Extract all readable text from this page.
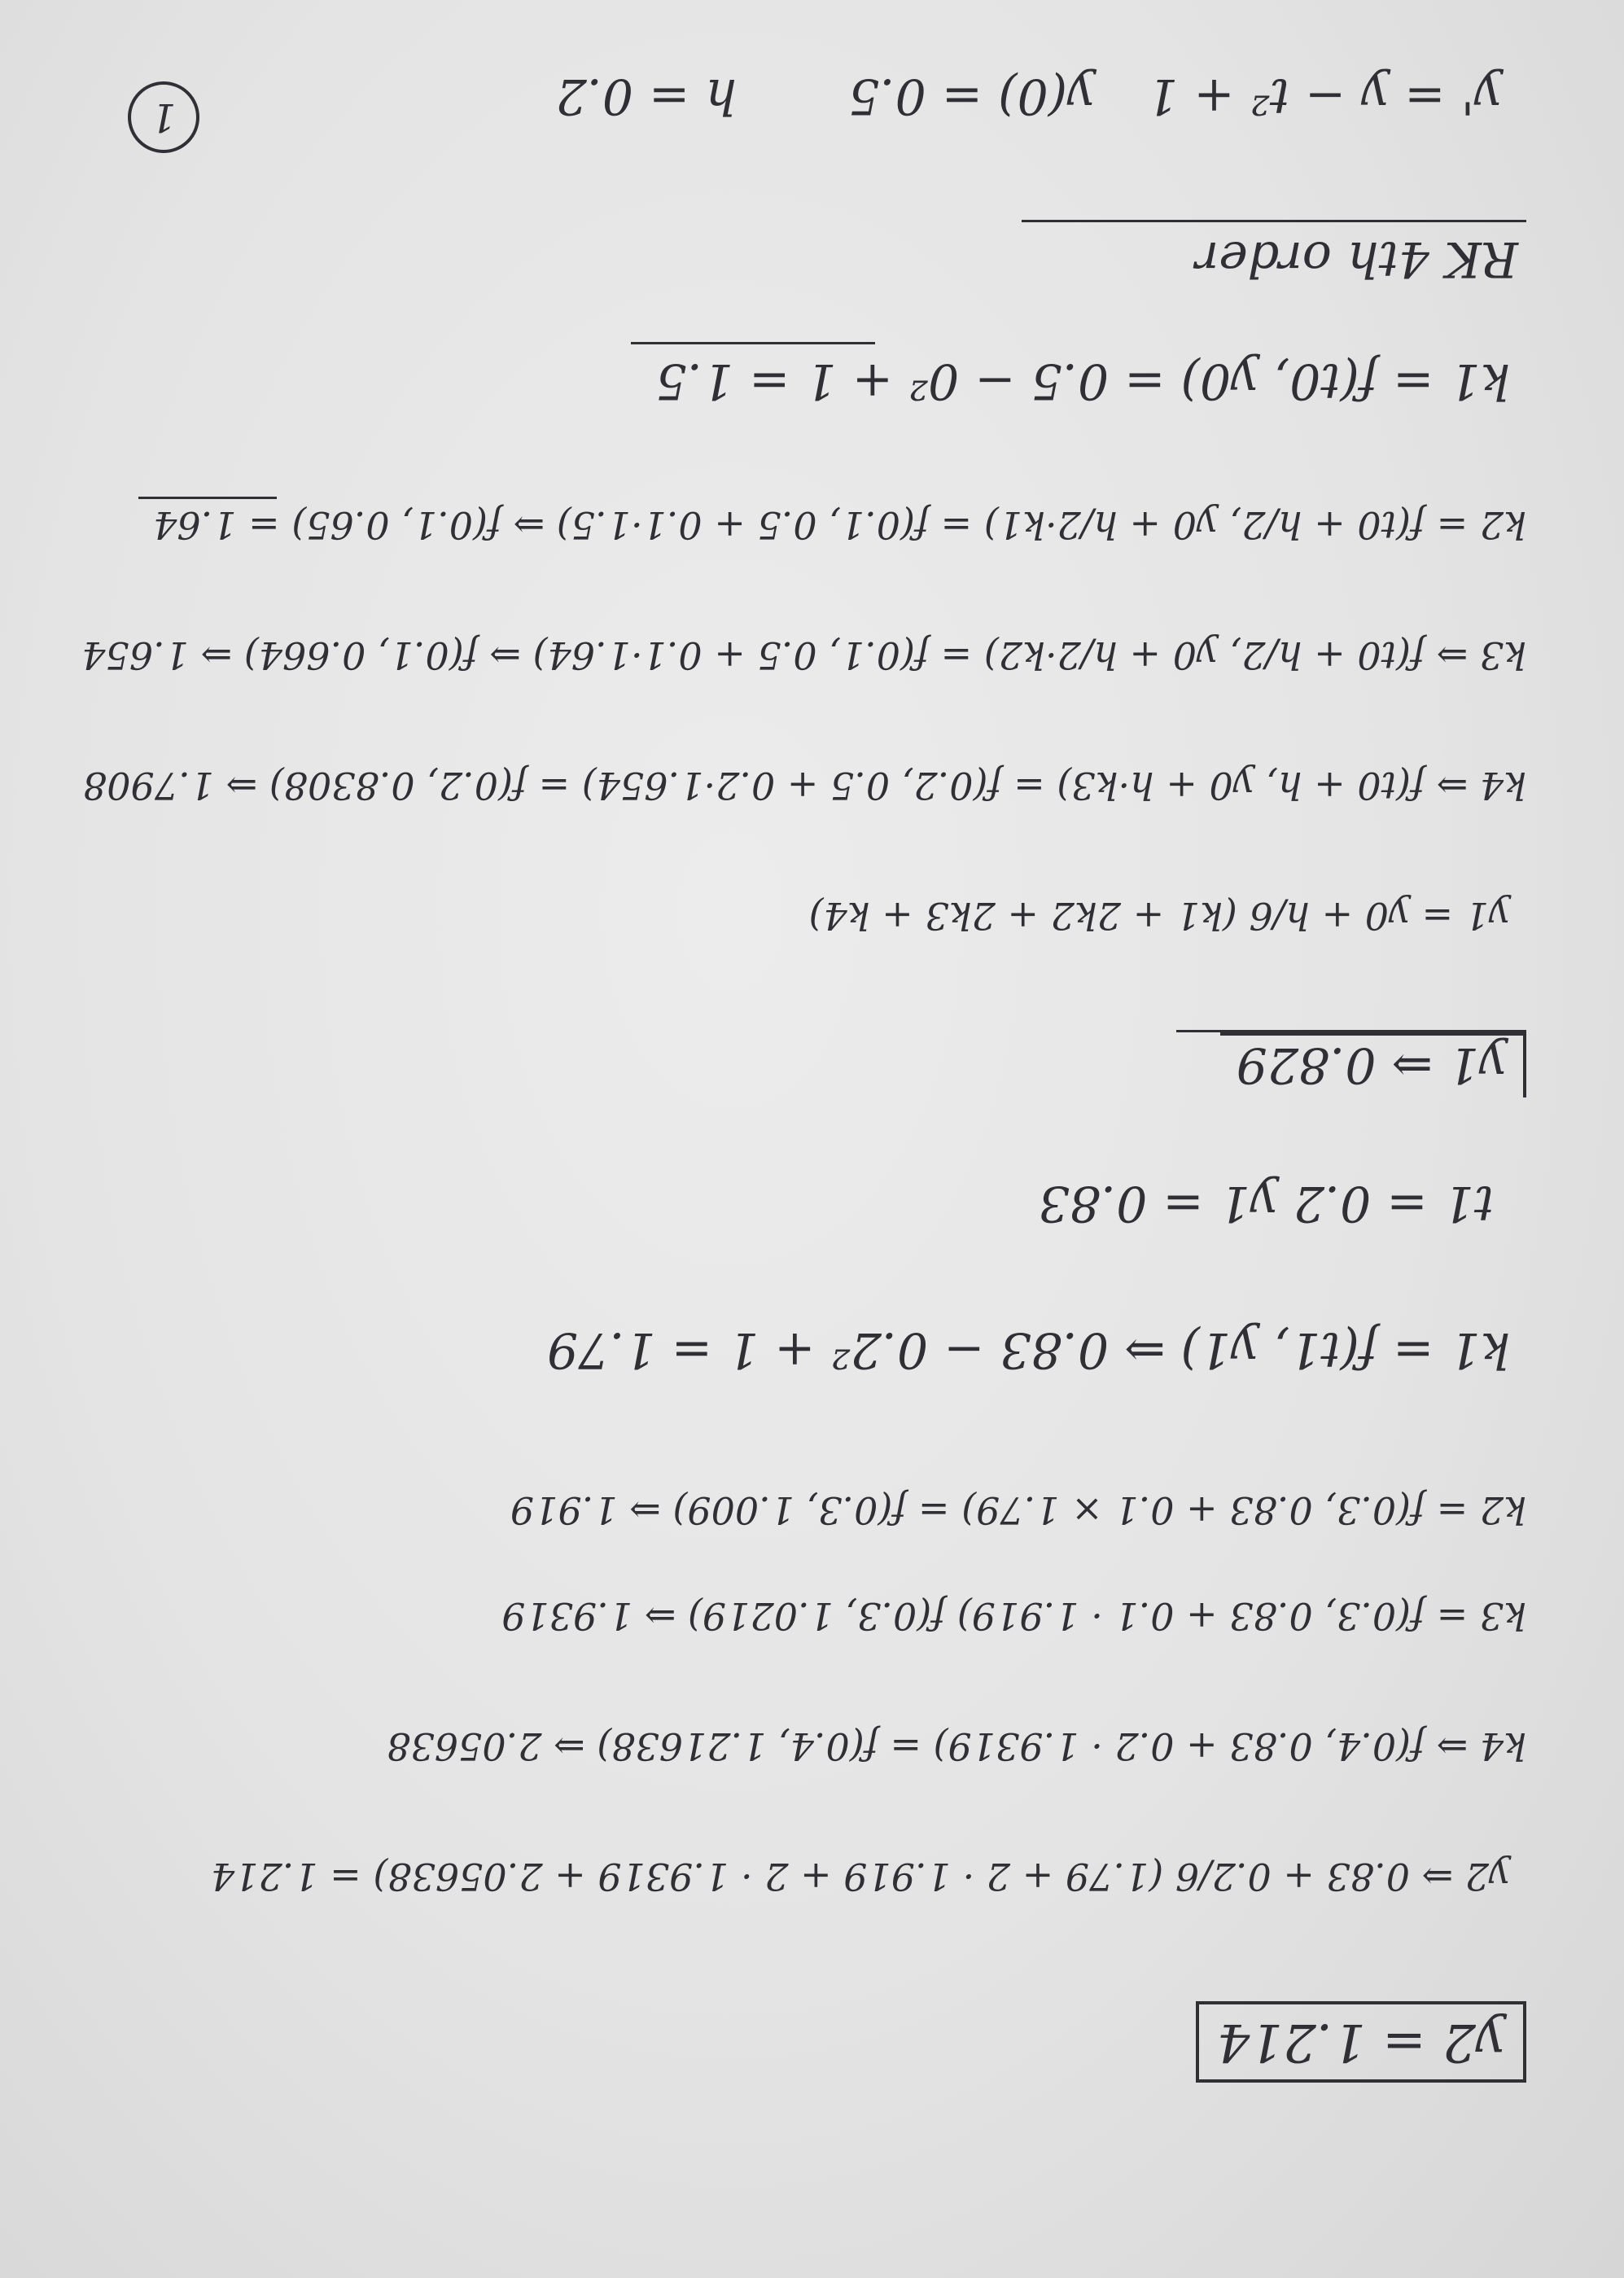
1	y' = y − t² + 1
y(0) = 0.5
h = 0.2
RK 4th order
k1 = f(t0, y0) = 0.5 − 0² + 1 = 1.5
k2 = f(t0 + h/2, y0 + h/2·k1) = f(0.1, 0.5 + 0.1·1.5) ⇒ f(0.1, 0.65) = 1.64
k3 ⇒ f(t0 + h/2, y0 + h/2·k2) = f(0.1, 0.5 + 0.1·1.64) ⇒ f(0.1, 0.664) ⇒ 1.654
k4 ⇒ f(t0 + h, y0 + h·k3) = f(0.2, 0.5 + 0.2·1.654) = f(0.2, 0.8308) ⇒ 1.7908
y1 = y0 + h/6 (k1 + 2k2 + 2k3 + k4)
y1 ⇒ 0.829
t1 = 0.2 y1 = 0.83
k1 = f(t1, y1) ⇒ 0.83 − 0.2² + 1 = 1.79
k2 = f(0.3, 0.83 + 0.1 × 1.79) = f(0.3, 1.009) ⇒ 1.919
k3 = f(0.3, 0.83 + 0.1 · 1.919) f(0.3, 1.0219) ⇒ 1.9319
k4 ⇒ f(0.4, 0.83 + 0.2 · 1.9319) = f(0.4, 1.21638) ⇒ 2.05638
y2 ⇒ 0.83 + 0.2/6 (1.79 + 2 · 1.919 + 2 · 1.9319 + 2.05638) = 1.214
y2 = 1.214
